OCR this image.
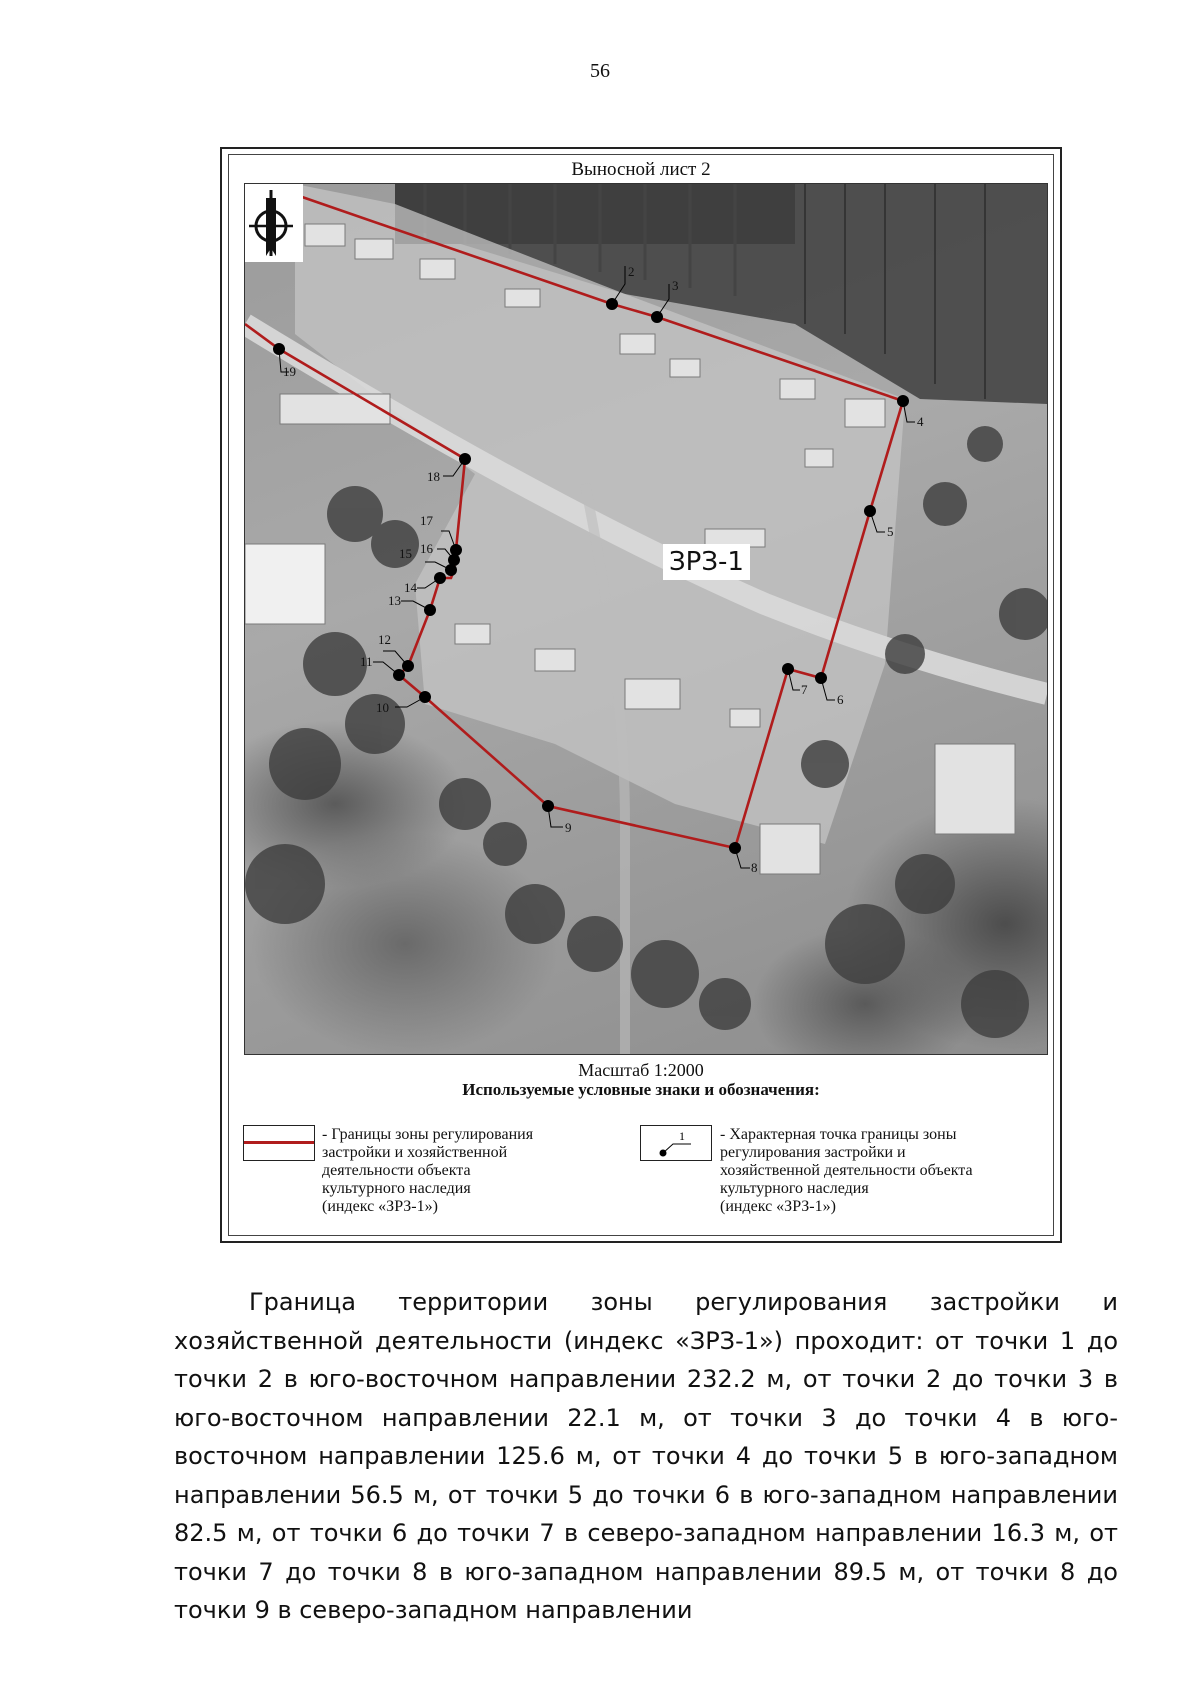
56
Выносной лист 2
2
3
4
5
6
7
8
9
10
11
12
13
14
15 16
17
18
19
ЗРЗ-1
Масштаб 1:2000
Используемые условные знаки и обозначения:

- Границы зоны регулирования

застройки и хозяйственной

деятельности объекта

культурного наследия

(индекс «ЗРЗ-1»)

1 - Характерная точка границы зоны

регулирования застройки и

хозяйственной деятельности объекта

культурного наследия

(индекс «ЗРЗ-1»)

Граница территории зоны регулирования застройки и хозяйственной деятельности (индекс «ЗРЗ-1») проходит: от точки 1 до точки 2 в юго-восточном направлении 232.2 м, от точки 2 до точки 3 в юго-восточном направлении 22.1 м, от точки 3 до точки 4 в юго-восточном направлении 125.6 м, от точки 4 до точки 5 в юго-западном направлении 56.5 м, от точки 5 до точки 6 в юго-западном направлении 82.5 м, от точки 6 до точки 7 в северо-западном направлении 16.3 м, от точки 7 до точки 8 в юго-западном направлении 89.5 м, от точки 8 до точки 9 в северо-западном направлении
